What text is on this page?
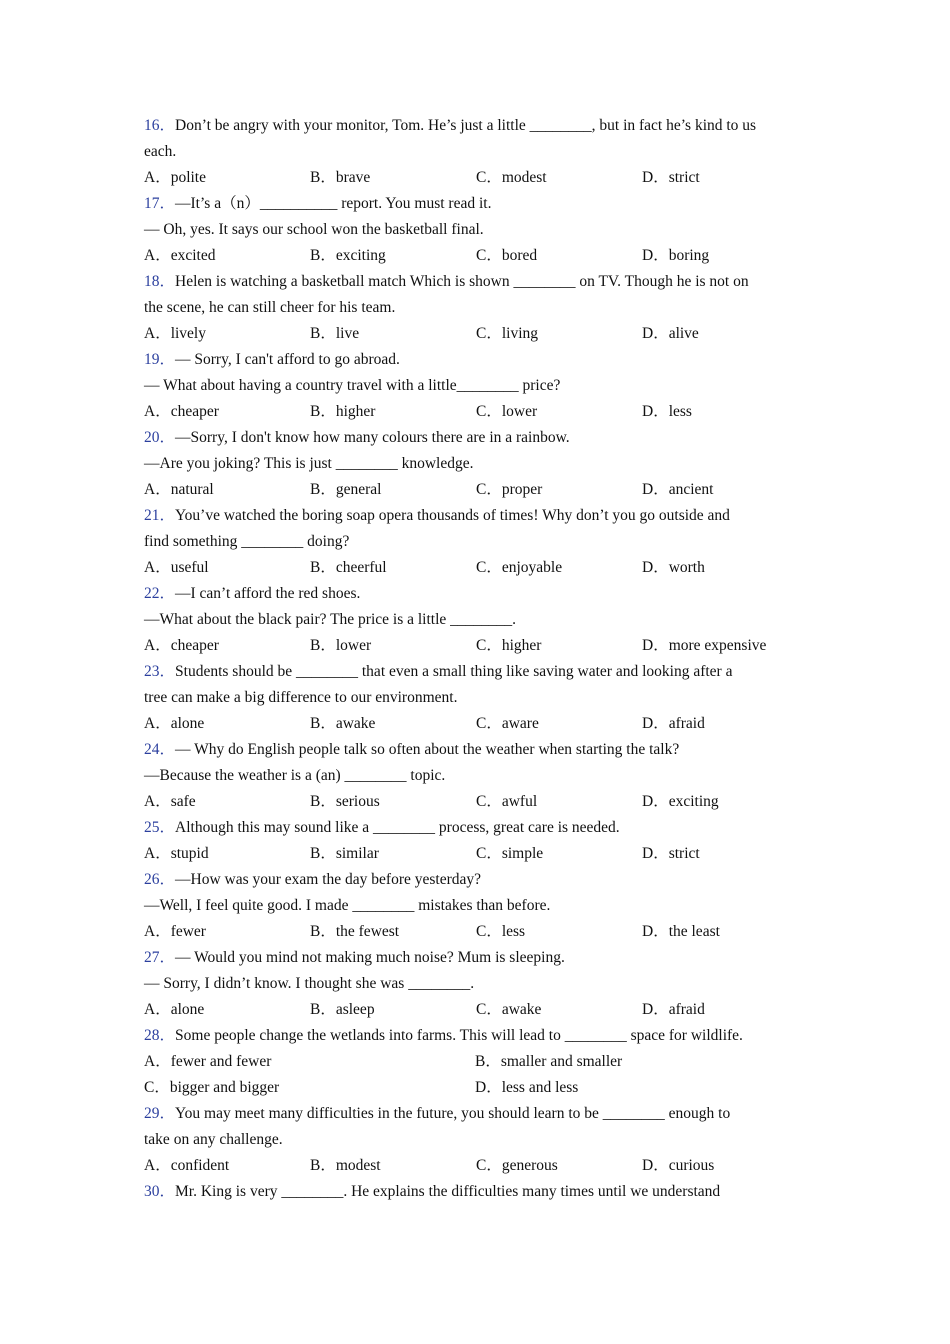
16．Don’t be angry with your monitor, Tom. He’s just a little ________, but in fact he’s kind to us
each.
A．polite	B．brave	C．modest	D．strict
17．—It’s a（n）__________ report. You must read it.
— Oh, yes. It says our school won the basketball final.
A．excited	B．exciting	C．bored	D．boring
18．Helen is watching a basketball match Which is shown ________ on TV. Though he is not on
the scene, he can still cheer for his team.
A．lively	B．live	C．living	D．alive
19．— Sorry, I can't afford to go abroad.
— What about having a country travel with a little________ price?
A．cheaper	B．higher	C．lower	D．less
20．—Sorry, I don't know how many colours there are in a rainbow.
—Are you joking? This is just ________ knowledge.
A．natural	B．general	C．proper	D．ancient
21．You’ve watched the boring soap opera thousands of times! Why don’t you go outside and
find something ________ doing?
A．useful	B．cheerful	C．enjoyable	D．worth
22．—I can’t afford the red shoes.
—What about the black pair? The price is a little ________.
A．cheaper	B．lower	C．higher	D．more expensive
23．Students should be ________ that even a small thing like saving water and looking after a
tree can make a big difference to our environment.
A．alone	B．awake	C．aware	D．afraid
24．— Why do English people talk so often about the weather when starting the talk?
—Because the weather is a (an) ________ topic.
A．safe	B．serious	C．awful	D．exciting
25．Although this may sound like a ________ process, great care is needed.
A．stupid	B．similar	C．simple	D．strict
26．—How was your exam the day before yesterday?
—Well, I feel quite good. I made ________ mistakes than before.
A．fewer	B．the fewest	C．less	D．the least
27．— Would you mind not making much noise? Mum is sleeping.
— Sorry, I didn’t know. I thought she was ________.
A．alone	B．asleep	C．awake	D．afraid
28．Some people change the wetlands into farms. This will lead to ________ space for wildlife.
A．fewer and fewer	B．smaller and smaller
C．bigger and bigger	D．less and less
29．You may meet many difficulties in the future, you should learn to be ________ enough to
take on any challenge.
A．confident	B．modest	C．generous	D．curious
30．Mr. King is very ________. He explains the difficulties many times until we understand
